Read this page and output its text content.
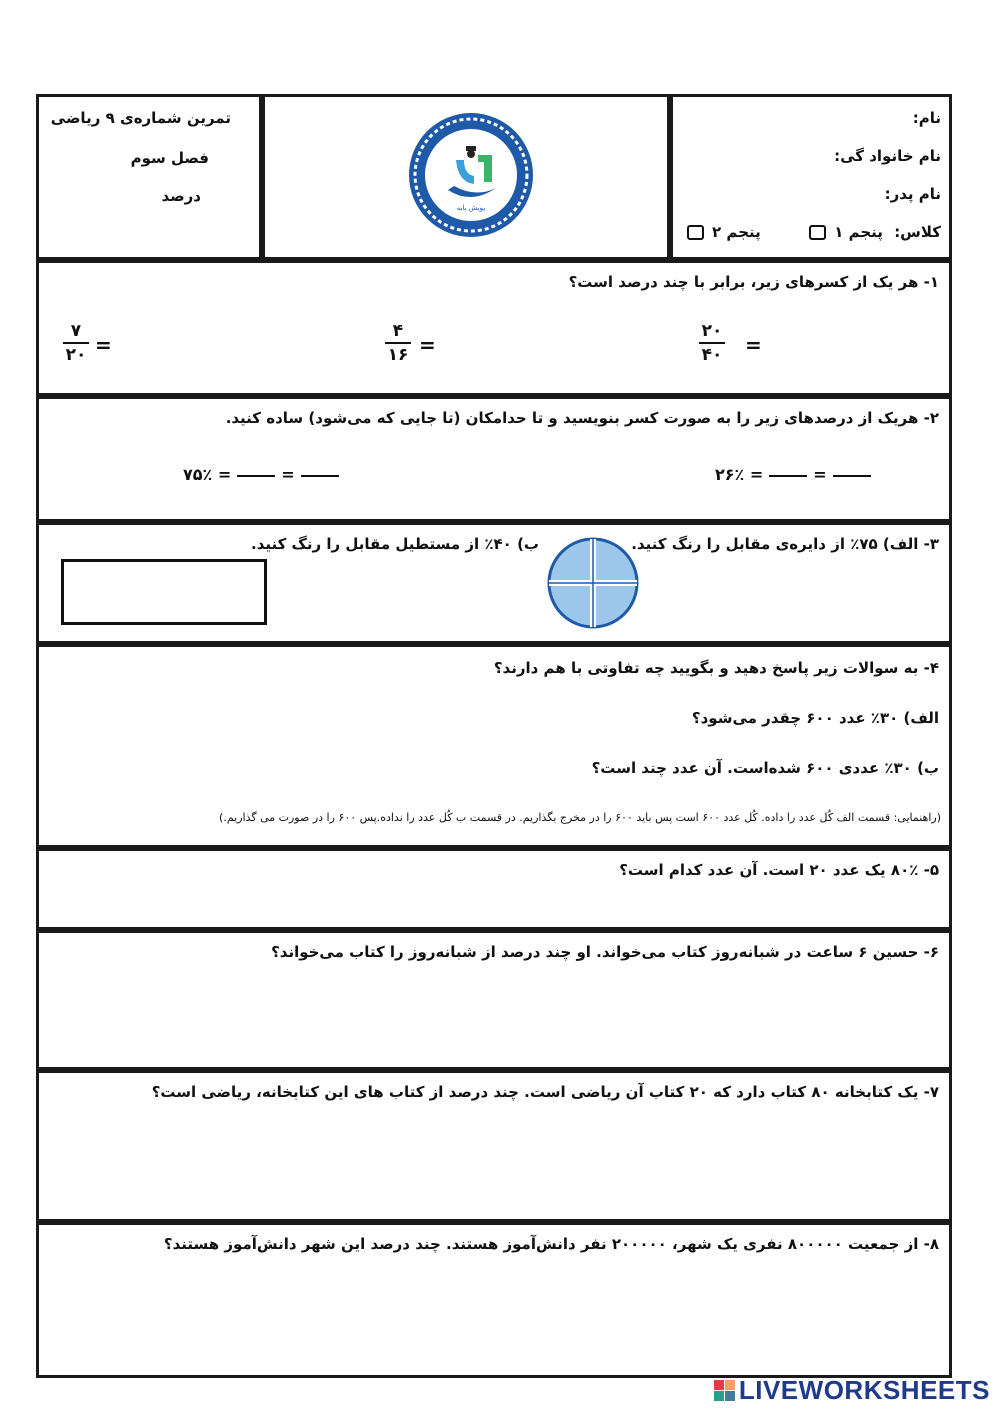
تمرین شماره‌ی ۹ ریاضی
فصل سوم
درصد
پویش پایه
نام:
نام خانواد گی:
نام پدر:
کلاس: پنجم ۱  پنجم ۲
۱- هر یک از کسرهای زیر، برابر با چند درصد است؟
۲۰
۴۰ =
۴
۱۶ =
۷
۲۰ =
۲- هریک از درصدهای زیر را به صورت کسر بنویسید و تا حدامکان (تا جایی که می‌شود) ساده کنید.
۲۶٪ =	=
۷۵٪ =	=
۳- الف) ۷۵٪ از دایره‌ی مقابل را رنگ کنید.
ب) ۴۰٪ از مستطیل مقابل را رنگ کنید.
۴- به سوالات زیر پاسخ دهید و بگویید چه تفاوتی با هم دارند؟
الف) ۳۰٪ عدد ۶۰۰ چقدر می‌شود؟
ب) ۳۰٪ عددی ۶۰۰ شده‌است. آن عدد چند است؟
(راهنمایی: قسمت الف کُل عدد را داده. کُل عدد ۶۰۰ است پس باید ۶۰۰ را در مخرج بگذاریم. در قسمت ب کُل عدد را نداده.پس ۶۰۰ را در صورت می گذاریم.)
۵- ۸۰٪ یک عدد ۲۰ است. آن عدد کدام است؟
۶- حسین ۶ ساعت در شبانه‌روز کتاب می‌خواند. او چند درصد از شبانه‌روز را کتاب می‌خواند؟
۷- یک کتابخانه ۸۰ کتاب دارد که ۲۰ کتاب آن ریاضی است. چند درصد از کتاب های این کتابخانه، ریاضی است؟
۸- از جمعیت ۸۰۰۰۰۰ نفری یک شهر، ۲۰۰۰۰۰ نفر دانش‌آموز هستند. چند درصد این شهر دانش‌آموز هستند؟
LIVEWORKSHEETS
